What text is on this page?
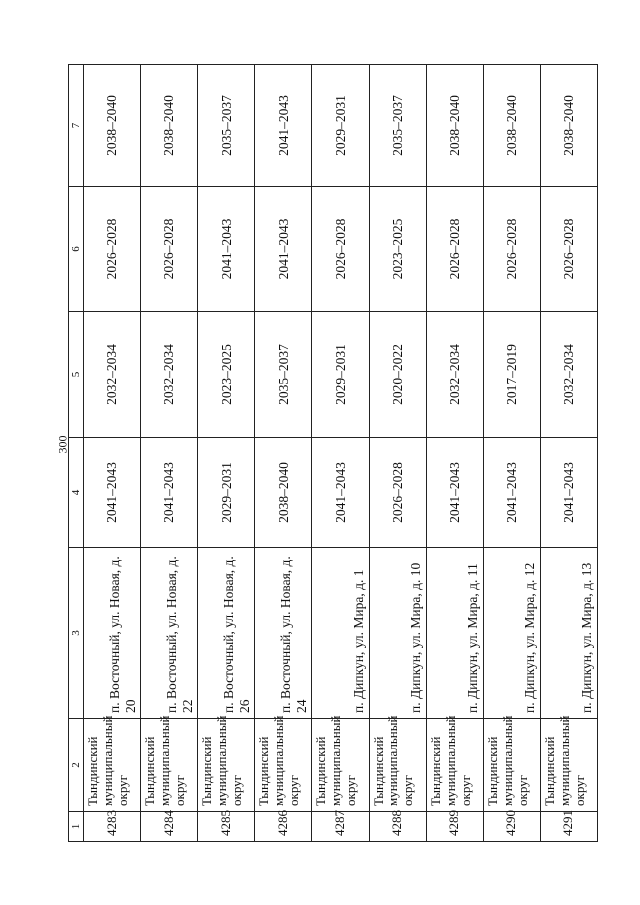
300
1	2	3	4	5	6	7
4283	Тындинский муниципальный округ	п. Восточный, ул. Новая, д. 20	2041–2043	2032–2034	2026–2028	2038–2040
4284	Тындинский муниципальный округ	п. Восточный, ул. Новая, д. 22	2041–2043	2032–2034	2026–2028	2038–2040
4285	Тындинский муниципальный округ	п. Восточный, ул. Новая, д. 26	2029–2031	2023–2025	2041–2043	2035–2037
4286	Тындинский муниципальный округ	п. Восточный, ул. Новая, д. 24	2038–2040	2035–2037	2041–2043	2041–2043
4287	Тындинский муниципальный округ	п. Дипкун, ул. Мира, д. 1	2041–2043	2029–2031	2026–2028	2029–2031
4288	Тындинский муниципальный округ	п. Дипкун, ул. Мира, д. 10	2026–2028	2020–2022	2023–2025	2035–2037
4289	Тындинский муниципальный округ	п. Дипкун, ул. Мира, д. 11	2041–2043	2032–2034	2026–2028	2038–2040
4290	Тындинский муниципальный округ	п. Дипкун, ул. Мира, д. 12	2041–2043	2017–2019	2026–2028	2038–2040
4291	Тындинский муниципальный округ	п. Дипкун, ул. Мира, д. 13	2041–2043	2032–2034	2026–2028	2038–2040
